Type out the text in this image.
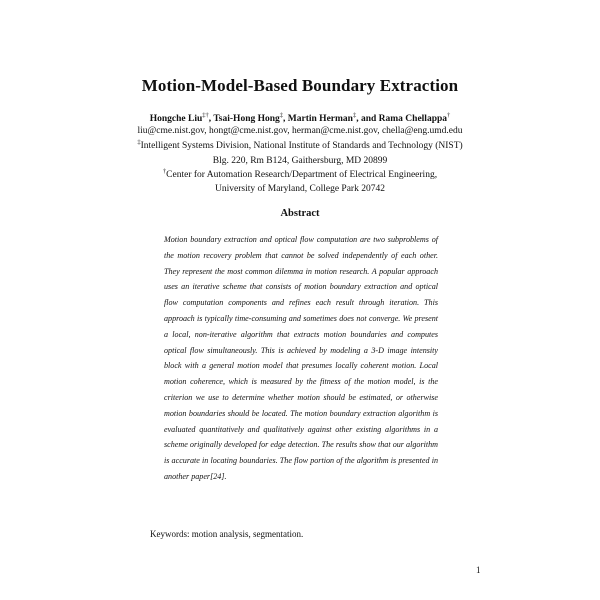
Motion-Model-Based Boundary Extraction
Hongche Liu‡†, Tsai-Hong Hong‡, Martin Herman‡, and Rama Chellappa†
liu@cme.nist.gov, hongt@cme.nist.gov, herman@cme.nist.gov, chella@eng.umd.edu
‡Intelligent Systems Division, National Institute of Standards and Technology (NIST)
Blg. 220, Rm B124, Gaithersburg, MD 20899
†Center for Automation Research/Department of Electrical Engineering,
University of Maryland, College Park 20742
Abstract
Motion boundary extraction and optical flow computation are two subproblems of the motion recovery problem that cannot be solved independently of each other. They represent the most common dilemma in motion research. A popular approach uses an iterative scheme that consists of motion boundary extraction and optical flow computation components and refines each result through iteration. This approach is typically time-consuming and sometimes does not converge. We present a local, non-iterative algorithm that extracts motion boundaries and computes optical flow simultaneously. This is achieved by modeling a 3-D image intensity block with a general motion model that presumes locally coherent motion. Local motion coherence, which is measured by the fitness of the motion model, is the criterion we use to determine whether motion should be estimated, or otherwise motion boundaries should be located. The motion boundary extraction algorithm is evaluated quantitatively and qualitatively against other existing algorithms in a scheme originally developed for edge detection. The results show that our algorithm is accurate in locating boundaries. The flow portion of the algorithm is presented in another paper[24].
Keywords: motion analysis, segmentation.
1
